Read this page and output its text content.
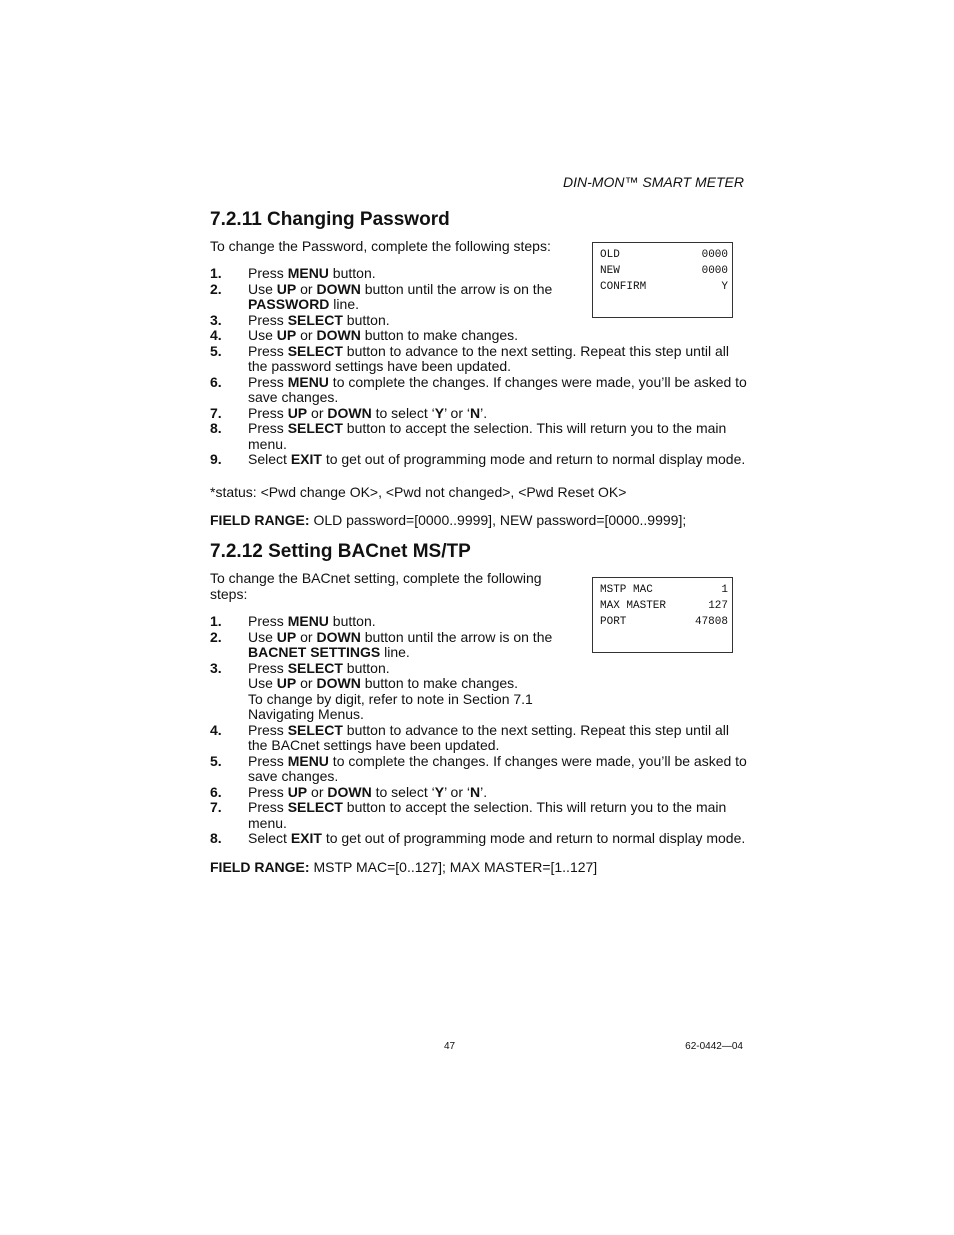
DIN-MON™ SMART METER
7.2.11 Changing Password

To change the Password, complete the following steps:

1.	Press MENU button.
2.	Use UP or DOWN button until the arrow is on the PASSWORD line.
3.	Press SELECT button.
4.	Use UP or DOWN button to make changes.
5.	Press SELECT button to advance to the next setting. Repeat this step until all the password settings have been updated.
6.	Press MENU to complete the changes. If changes were made, you’ll be asked to save changes.
7.	Press UP or DOWN to select ‘Y’ or ‘N’.
8.	Press SELECT button to accept the selection. This will return you to the main menu.
9.	Select EXIT to get out of programming mode and return to normal display mode.

*status: <Pwd change OK>, <Pwd not changed>, <Pwd Reset OK>

FIELD RANGE: OLD password=[0000..9999], NEW password=[0000..9999];

OLD	0000
NEW	0000
CONFIRM	Y
7.2.12 Setting BACnet MS/TP

To change the BACnet setting, complete the following steps:

1.	Press MENU button.
2.	Use UP or DOWN button until the arrow is on the BACNET SETTINGS line.
3.	Press SELECT button.
Use UP or DOWN button to make changes.
To change by digit, refer to note in Section 7.1 Navigating Menus.
4.	Press SELECT button to advance to the next setting. Repeat this step until all the BACnet settings have been updated.
5.	Press MENU to complete the changes. If changes were made, you’ll be asked to save changes.
6.	Press UP or DOWN to select ‘Y’ or ‘N’.
7.	Press SELECT button to accept the selection. This will return you to the main menu.
8.	Select EXIT to get out of programming mode and return to normal display mode.

FIELD RANGE: MSTP MAC=[0..127]; MAX MASTER=[1..127]

MSTP MAC	1
MAX MASTER	127
PORT	47808
47	62-0442—04
